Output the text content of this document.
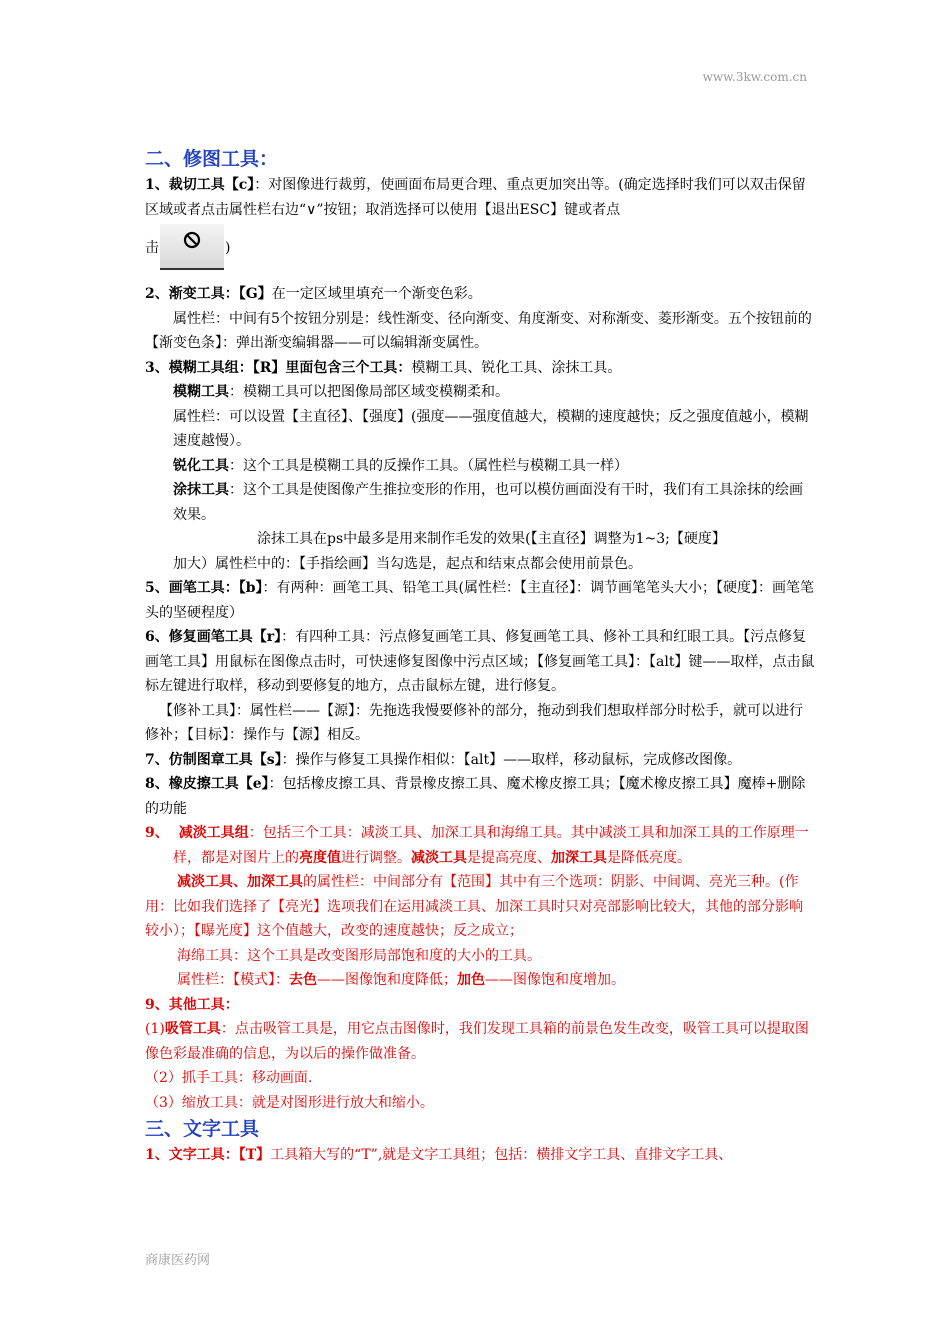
www.3kw.com.cn
二、修图工具：

1、裁切工具【c】：对图像进行裁剪，使画面布局更合理、重点更加突出等。(确定选择时我们可以双击保留区域或者点击属性栏右边“∨”按钮；取消选择可以使用【退出ESC】键或者点

击	)

2、渐变工具：【G】在一定区域里填充一个渐变色彩。

属性栏：中间有5个按钮分别是：线性渐变、径向渐变、角度渐变、对称渐变、菱形渐变。五个按钮前的【渐变色条】：弹出渐变编辑器——可以编辑渐变属性。

3、模糊工具组：【R】里面包含三个工具：模糊工具、锐化工具、涂抹工具。

模糊工具：模糊工具可以把图像局部区域变模糊柔和。

属性栏：可以设置【主直径】、【强度】(强度——强度值越大，模糊的速度越快；反之强度值越小，模糊速度越慢）。

锐化工具：这个工具是模糊工具的反操作工具。（属性栏与模糊工具一样）

涂抹工具：这个工具是使图像产生推拉变形的作用，也可以模仿画面没有干时，我们有工具涂抹的绘画效果。

涂抹工具在ps中最多是用来制作毛发的效果(【主直径】调整为1~3;【硬度】

加大）属性栏中的：【手指绘画】当勾选是，起点和结束点都会使用前景色。

5、画笔工具：【b】：有两种：画笔工具、铅笔工具(属性栏：【主直径】：调节画笔笔头大小；【硬度】：画笔笔头的坚硬程度）

6、修复画笔工具【r】：有四种工具：污点修复画笔工具、修复画笔工具、修补工具和红眼工具。【污点修复画笔工具】用鼠标在图像点击时，可快速修复图像中污点区域；【修复画笔工具】：【alt】键——取样，点击鼠标左键进行取样，移动到要修复的地方，点击鼠标左键，进行修复。

【修补工具】：属性栏——【源】：先拖选我慢要修补的部分，拖动到我们想取样部分时松手，就可以进行修补；【目标】：操作与【源】相反。

7、仿制图章工具【s】：操作与修复工具操作相似：【alt】——取样，移动鼠标，完成修改图像。

8、橡皮擦工具【e】：包括橡皮擦工具、背景橡皮擦工具、魔术橡皮擦工具；【魔术橡皮擦工具】魔棒+删除的功能

9、 减淡工具组：包括三个工具：减淡工具、加深工具和海绵工具。其中减淡工具和加深工具的工作原理一样，都是对图片上的亮度值进行调整。减淡工具是提高亮度、加深工具是降低亮度。

减淡工具、加深工具的属性栏：中间部分有【范围】其中有三个选项：阴影、中间调、亮光三种。(作用：比如我们选择了【亮光】选项我们在运用减淡工具、加深工具时只对亮部影响比较大，其他的部分影响较小）；【曝光度】这个值越大，改变的速度越快；反之成立；

海绵工具：这个工具是改变图形局部饱和度的大小的工具。

属性栏：【模式】：去色——图像饱和度降低；加色——图像饱和度增加。

9、其他工具：

(1)吸管工具：点击吸管工具是，用它点击图像时，我们发现工具箱的前景色发生改变，吸管工具可以提取图像色彩最准确的信息，为以后的操作做准备。

（2）抓手工具：移动画面.

（3）缩放工具：就是对图形进行放大和缩小。

三、文字工具

1、文字工具：【T】工具箱大写的“T”,就是文字工具组；包括：横排文字工具、直排文字工具、

商康医药网
